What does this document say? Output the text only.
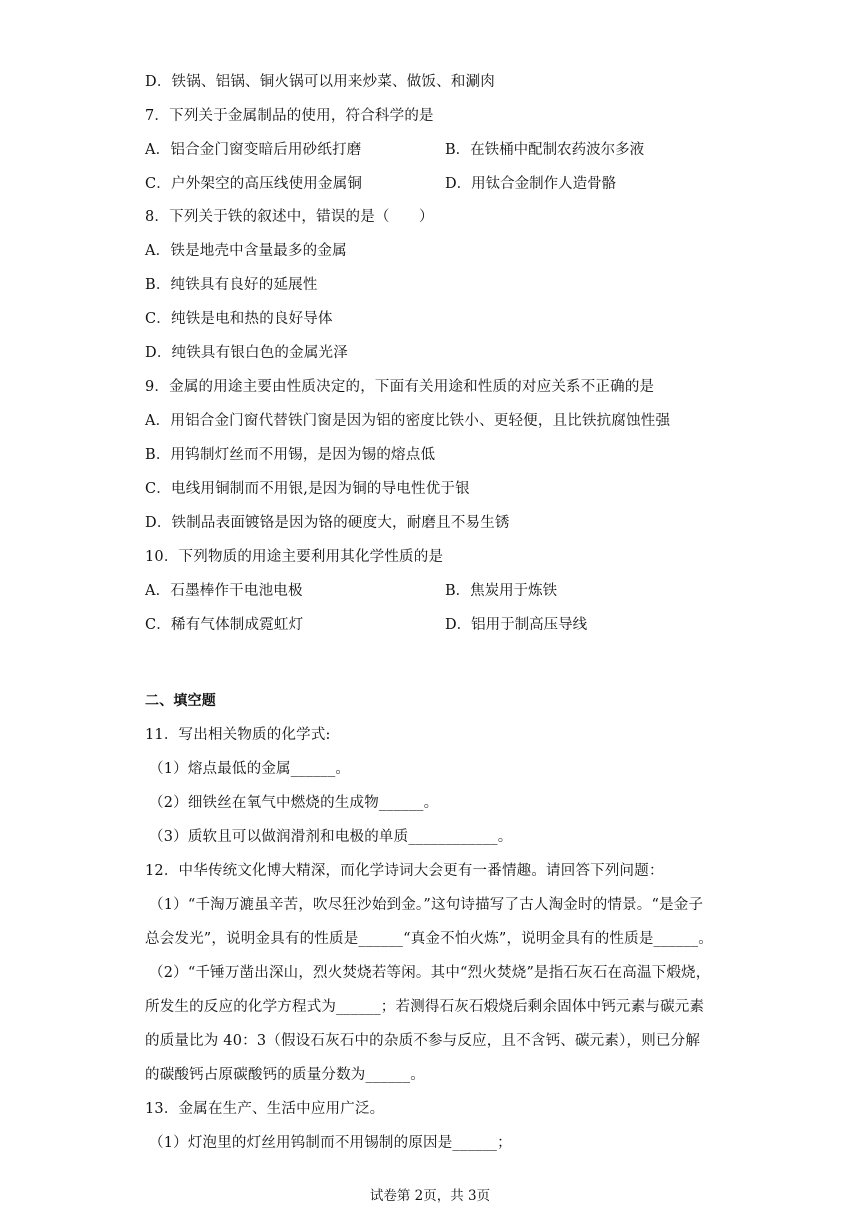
D．铁锅、铝锅、铜火锅可以用来炒菜、做饭、和涮肉
7．下列关于金属制品的使用，符合科学的是
A．铝合金门窗变暗后用砂纸打磨	B．在铁桶中配制农药波尔多液
C．户外架空的高压线使用金属铜	D．用钛合金制作人造骨骼
8．下列关于铁的叙述中，错误的是（　　）
A．铁是地壳中含量最多的金属
B．纯铁具有良好的延展性
C．纯铁是电和热的良好导体
D．纯铁具有银白色的金属光泽
9．金属的用途主要由性质决定的，下面有关用途和性质的对应关系不正确的是
A．用铝合金门窗代替铁门窗是因为铝的密度比铁小、更轻便，且比铁抗腐蚀性强
B．用钨制灯丝而不用锡，是因为锡的熔点低
C．电线用铜制而不用银,是因为铜的导电性优于银
D．铁制品表面镀铬是因为铬的硬度大，耐磨且不易生锈
10．下列物质的用途主要利用其化学性质的是
A．石墨棒作干电池电极	B．焦炭用于炼铁
C．稀有气体制成霓虹灯	D．铝用于制高压导线
二、填空题
11．写出相关物质的化学式:
（1）熔点最低的金属______。
（2）细铁丝在氧气中燃烧的生成物______。
（3）质软且可以做润滑剂和电极的单质____________。
12．中华传统文化博大精深，而化学诗词大会更有一番情趣。请回答下列问题：
（1）“千淘万漉虽辛苦，吹尽狂沙始到金。”这句诗描写了古人淘金时的情景。“是金子
总会发光”，说明金具有的性质是______“真金不怕火炼”，说明金具有的性质是______。
（2）“千锤万凿出深山，烈火焚烧若等闲。其中“烈火焚烧”是指石灰石在高温下煅烧，
所发生的反应的化学方程式为______；若测得石灰石煅烧后剩余固体中钙元素与碳元素
的质量比为 40：3（假设石灰石中的杂质不参与反应，且不含钙、碳元素），则已分解
的碳酸钙占原碳酸钙的质量分数为______。
13．金属在生产、生活中应用广泛。
（1）灯泡里的灯丝用钨制而不用锡制的原因是______；
试卷第 2页，共 3页
